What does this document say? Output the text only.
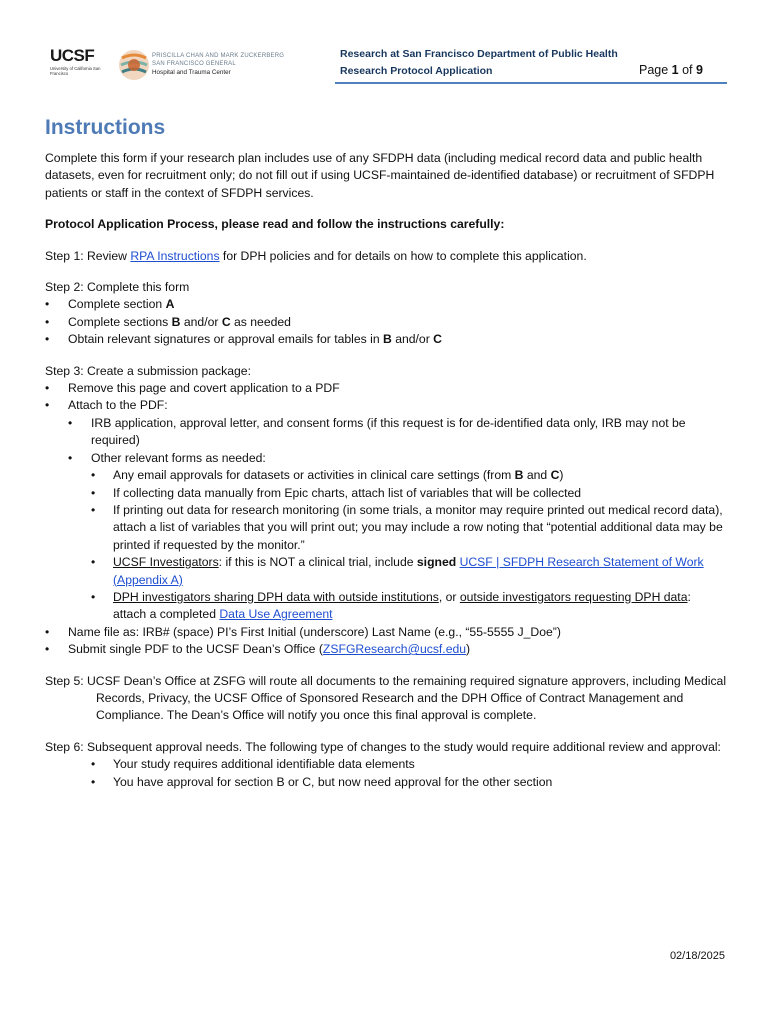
UCSF
University of California San Francisco
PRISCILLA CHAN AND MARK ZUCKERBERG
SAN FRANCISCO GENERAL
Hospital and Trauma Center
Research at San Francisco Department of Public Health
Research Protocol Application	Page 1 of 9
Instructions

Complete this form if your research plan includes use of any SFDPH data (including medical record data and public health datasets, even for recruitment only; do not fill out if using UCSF-maintained de-identified database) or recruitment of SFDPH patients or staff in the context of SFDPH services.

Protocol Application Process, please read and follow the instructions carefully:

Step 1: Review RPA Instructions for DPH policies and for details on how to complete this application.

Step 2: Complete this form

• Complete section A
• Complete sections B and/or C as needed
• Obtain relevant signatures or approval emails for tables in B and/or C

Step 3: Create a submission package:

• Remove this page and covert application to a PDF
• Attach to the PDF:
• IRB application, approval letter, and consent forms (if this request is for de-identified data only, IRB may not be required)
• Other relevant forms as needed:
• Any email approvals for datasets or activities in clinical care settings (from B and C)
• If collecting data manually from Epic charts, attach list of variables that will be collected
• If printing out data for research monitoring (in some trials, a monitor may require printed out medical record data), attach a list of variables that you will print out; you may include a row noting that “potential additional data may be printed if requested by the monitor.”
• UCSF Investigators: if this is NOT a clinical trial, include signed UCSF | SFDPH Research Statement of Work (Appendix A)
• DPH investigators sharing DPH data with outside institutions, or outside investigators requesting DPH data: attach a completed Data Use Agreement
• Name file as: IRB# (space) PI’s First Initial (underscore) Last Name (e.g., “55-5555 J_Doe”)
• Submit single PDF to the UCSF Dean’s Office (ZSFGResearch@ucsf.edu)

Step 5: UCSF Dean’s Office at ZSFG will route all documents to the remaining required signature approvers, including Medical Records, Privacy, the UCSF Office of Sponsored Research and the DPH Office of Contract Management and Compliance. The Dean’s Office will notify you once this final approval is complete.

Step 6: Subsequent approval needs. The following type of changes to the study would require additional review and approval:

• Your study requires additional identifiable data elements
• You have approval for section B or C, but now need approval for the other section
02/18/2025
